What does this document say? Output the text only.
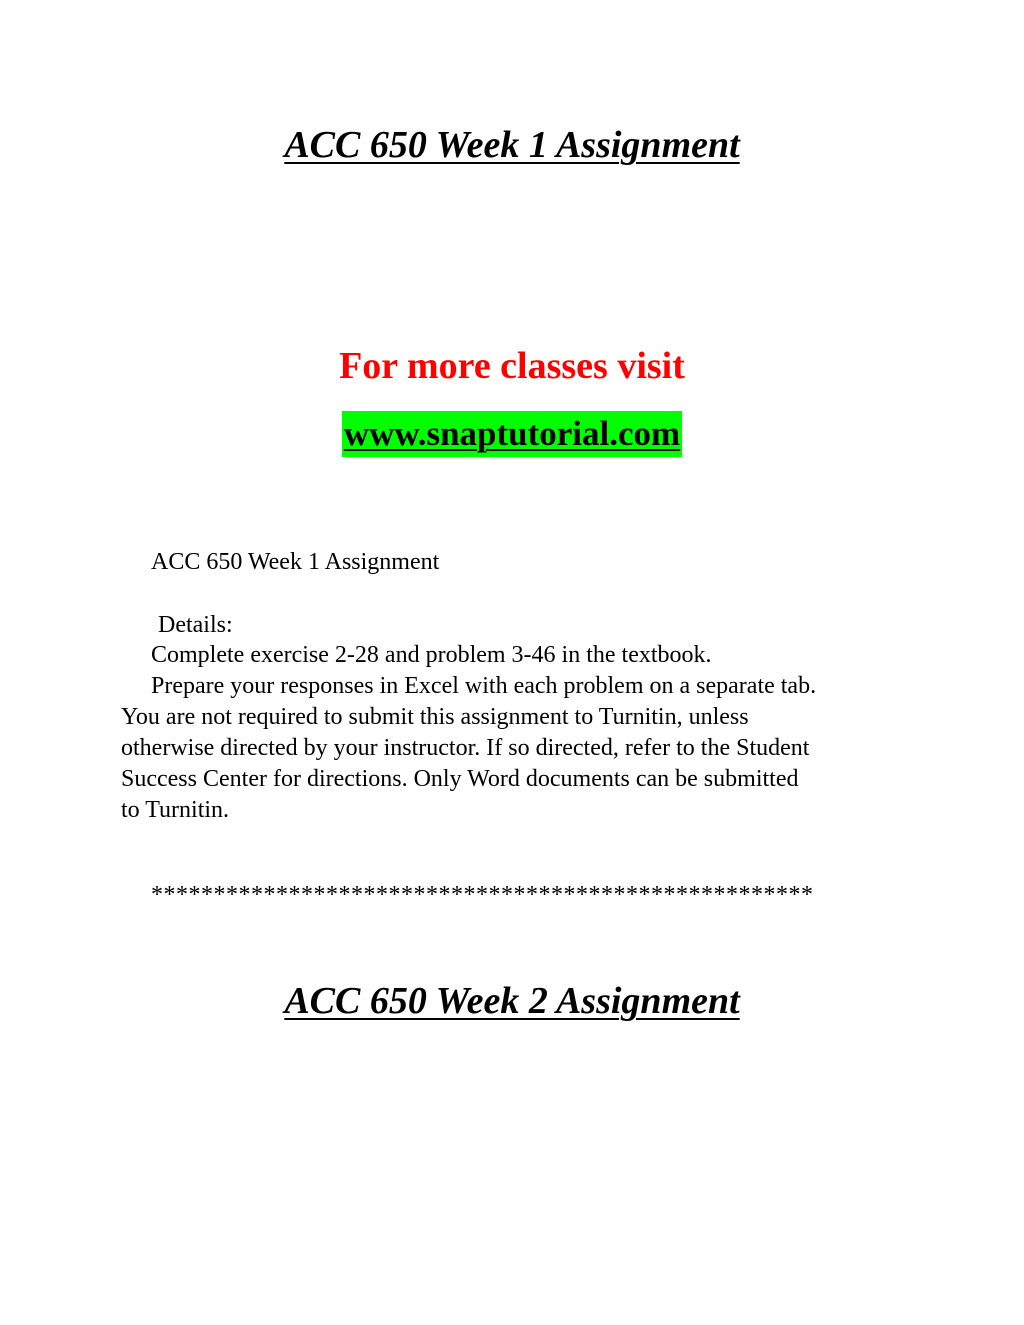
ACC 650 Week 1 Assignment
For more classes visit
www.snaptutorial.com
ACC 650 Week 1 Assignment
Details:
Complete exercise 2-28 and problem 3-46 in the textbook.
Prepare your responses in Excel with each problem on a separate tab.
You are not required to submit this assignment to Turnitin, unless
otherwise directed by your instructor. If so directed, refer to the Student
Success Center for directions. Only Word documents can be submitted
to Turnitin.
*****************************************************
ACC 650 Week 2 Assignment
